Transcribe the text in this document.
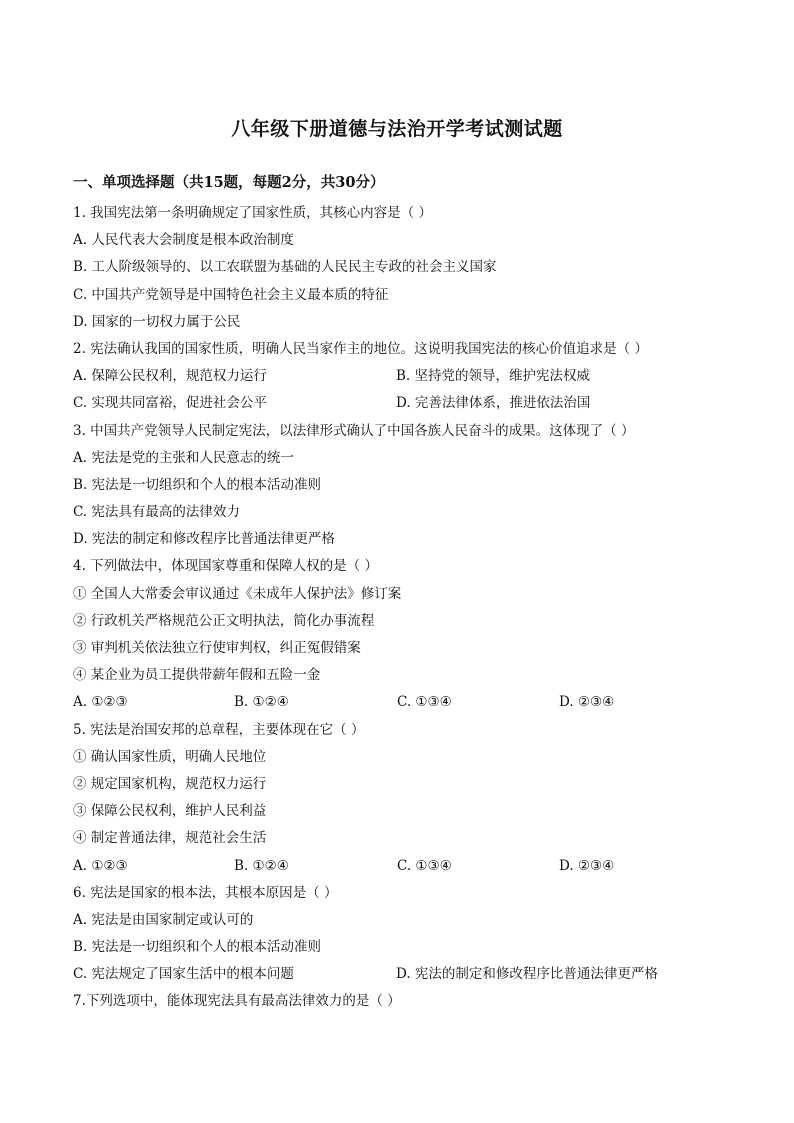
八年级下册道德与法治开学考试测试题
一、单项选择题（共15题，每题2分，共30分）
1. 我国宪法第一条明确规定了国家性质，其核心内容是（ ）
A. 人民代表大会制度是根本政治制度
B. 工人阶级领导的、以工农联盟为基础的人民民主专政的社会主义国家
C. 中国共产党领导是中国特色社会主义最本质的特征
D. 国家的一切权力属于公民
2. 宪法确认我国的国家性质，明确人民当家作主的地位。这说明我国宪法的核心价值追求是（ ）
A. 保障公民权利，规范权力运行	B. 坚持党的领导，维护宪法权威
C. 实现共同富裕，促进社会公平	D. 完善法律体系，推进依法治国
3. 中国共产党领导人民制定宪法，以法律形式确认了中国各族人民奋斗的成果。这体现了（ ）
A. 宪法是党的主张和人民意志的统一
B. 宪法是一切组织和个人的根本活动准则
C. 宪法具有最高的法律效力
D. 宪法的制定和修改程序比普通法律更严格
4. 下列做法中，体现国家尊重和保障人权的是（ ）
① 全国人大常委会审议通过《未成年人保护法》修订案
② 行政机关严格规范公正文明执法，简化办事流程
③ 审判机关依法独立行使审判权，纠正冤假错案
④ 某企业为员工提供带薪年假和五险一金
A. ①②③	B. ①②④	C. ①③④	D. ②③④
5. 宪法是治国安邦的总章程，主要体现在它（ ）
① 确认国家性质，明确人民地位
② 规定国家机构，规范权力运行
③ 保障公民权利，维护人民利益
④ 制定普通法律，规范社会生活
A. ①②③	B. ①②④	C. ①③④	D. ②③④
6. 宪法是国家的根本法，其根本原因是（ ）
A. 宪法是由国家制定或认可的
B. 宪法是一切组织和个人的根本活动准则
C. 宪法规定了国家生活中的根本问题	D. 宪法的制定和修改程序比普通法律更严格
7.下列选项中，能体现宪法具有最高法律效力的是（ ）
